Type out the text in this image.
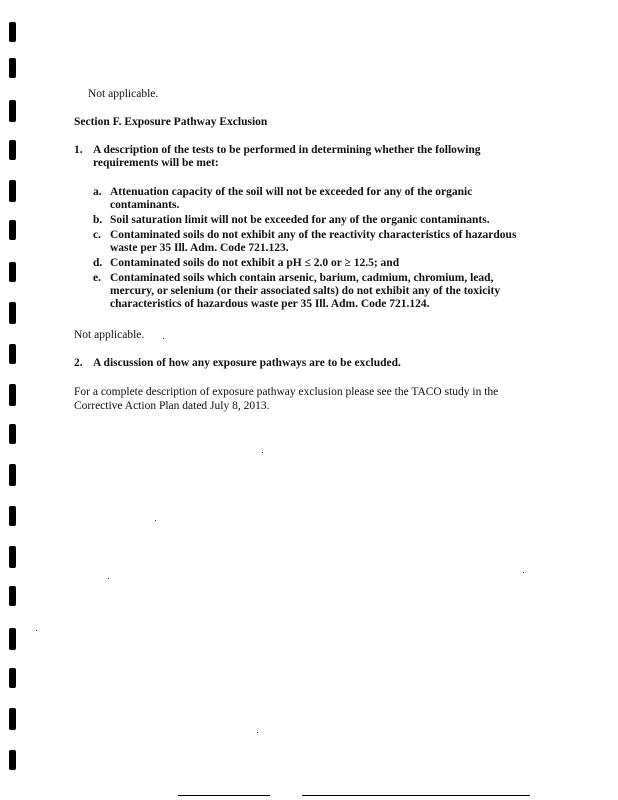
Not applicable.
Section F. Exposure Pathway Exclusion
1. A description of the tests to be performed in determining whether the following
requirements will be met:
a. Attenuation capacity of the soil will not be exceeded for any of the organic
contaminants.
b. Soil saturation limit will not be exceeded for any of the organic contaminants.
c. Contaminated soils do not exhibit any of the reactivity characteristics of hazardous
waste per 35 Ill. Adm. Code 721.123.
d. Contaminated soils do not exhibit a pH ≤ 2.0 or ≥ 12.5; and
e. Contaminated soils which contain arsenic, barium, cadmium, chromium, lead,
mercury, or selenium (or their associated salts) do not exhibit any of the toxicity
characteristics of hazardous waste per 35 Ill. Adm. Code 721.124.
Not applicable.
2. A discussion of how any exposure pathways are to be excluded.
For a complete description of exposure pathway exclusion please see the TACO study in the
Corrective Action Plan dated July 8, 2013.
